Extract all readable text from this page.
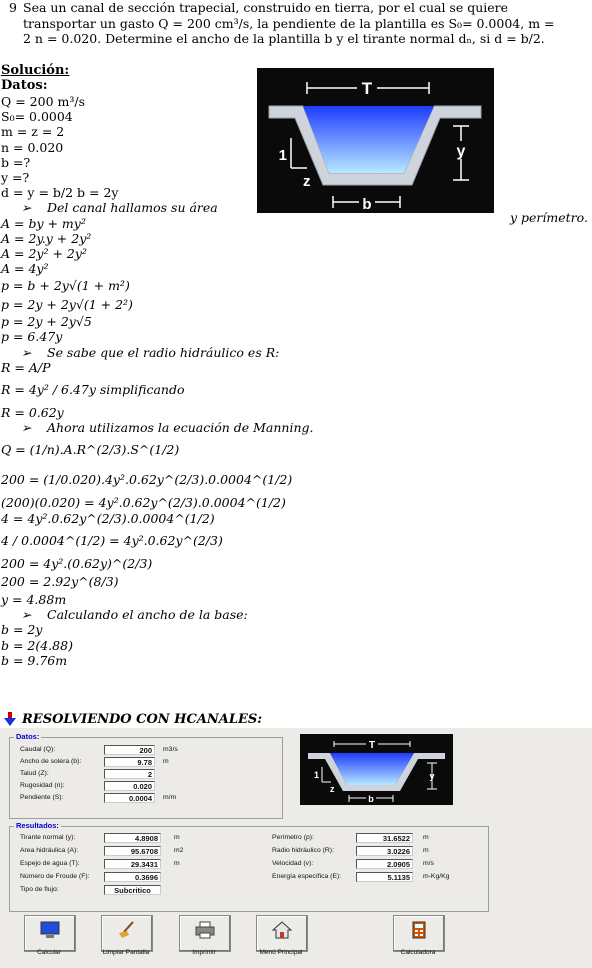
9 Sea un canal de sección trapecial, construido en tierra, por el cual se quiere
transportar un gasto Q = 200 cm³/s, la pendiente de la plantilla es S₀= 0.0004, m =
2 n = 0.020. Determine el ancho de la plantilla b y el tirante normal dₙ, si d = b/2.
Solución:
Datos:	T
y
1
z
b
Q = 200 m³/s
S₀= 0.0004
m = z = 2
n = 0.020
b =?
y =?
d = y = b/2 b = 2y
➢ Del canal hallamos su área
A = by + my²
A = 2y.y + 2y²
A = 2y² + 2y²
A = 4y²
p = b + 2y√(1 + m²)
p = 2y + 2y√(1 + 2²)
p = 2y + 2y√5
p = 6.47y
➢ Se sabe que el radio hidráulico es R:
R = A/P
R = 4y² / 6.47y simplificando
R = 0.62y
➢ Ahora utilizamos la ecuación de Manning.
Q = (1/n).A.R^(2/3).S^(1/2)
200 = (1/0.020).4y².0.62y^(2/3).0.0004^(1/2)
(200)(0.020) = 4y².0.62y^(2/3).0.0004^(1/2)
4 = 4y².0.62y^(2/3).0.0004^(1/2)
4 / 0.0004^(1/2) = 4y².0.62y^(2/3)
200 = 4y².(0.62y)^(2/3)
200 = 2.92y^(8/3)
y = 4.88m
➢ Calculando el ancho de la base:
b = 2y
b = 2(4.88)
b = 9.76m
y perímetro.
RESOLVIENDO CON HCANALES:
Datos:
Caudal (Q):	200	m3/s
Ancho de solera (b):	9.78	m
Talud (Z):	2
Rugosidad (n):	0.020
Pendiente (S):	0.0004	m/m
T
y
1
z
b
Resultados:
Tirante normal (y):	4.8908	m
Area hidráulica (A):	95.6708	m2
Espejo de agua (T):	29.3431	m
Número de Froude (F):	0.3696
Tipo de flujo:	Subcritico
Perímetro (p):	31.6522	m
Radio hidráulico (R):	3.0226	m
Velocidad (v):	2.0905	m/s
Energía específica (E):	5.1135	m-Kg/Kg
Calcular	Limpiar Pantalla	Imprimir	Menú Principal	Calculadora
